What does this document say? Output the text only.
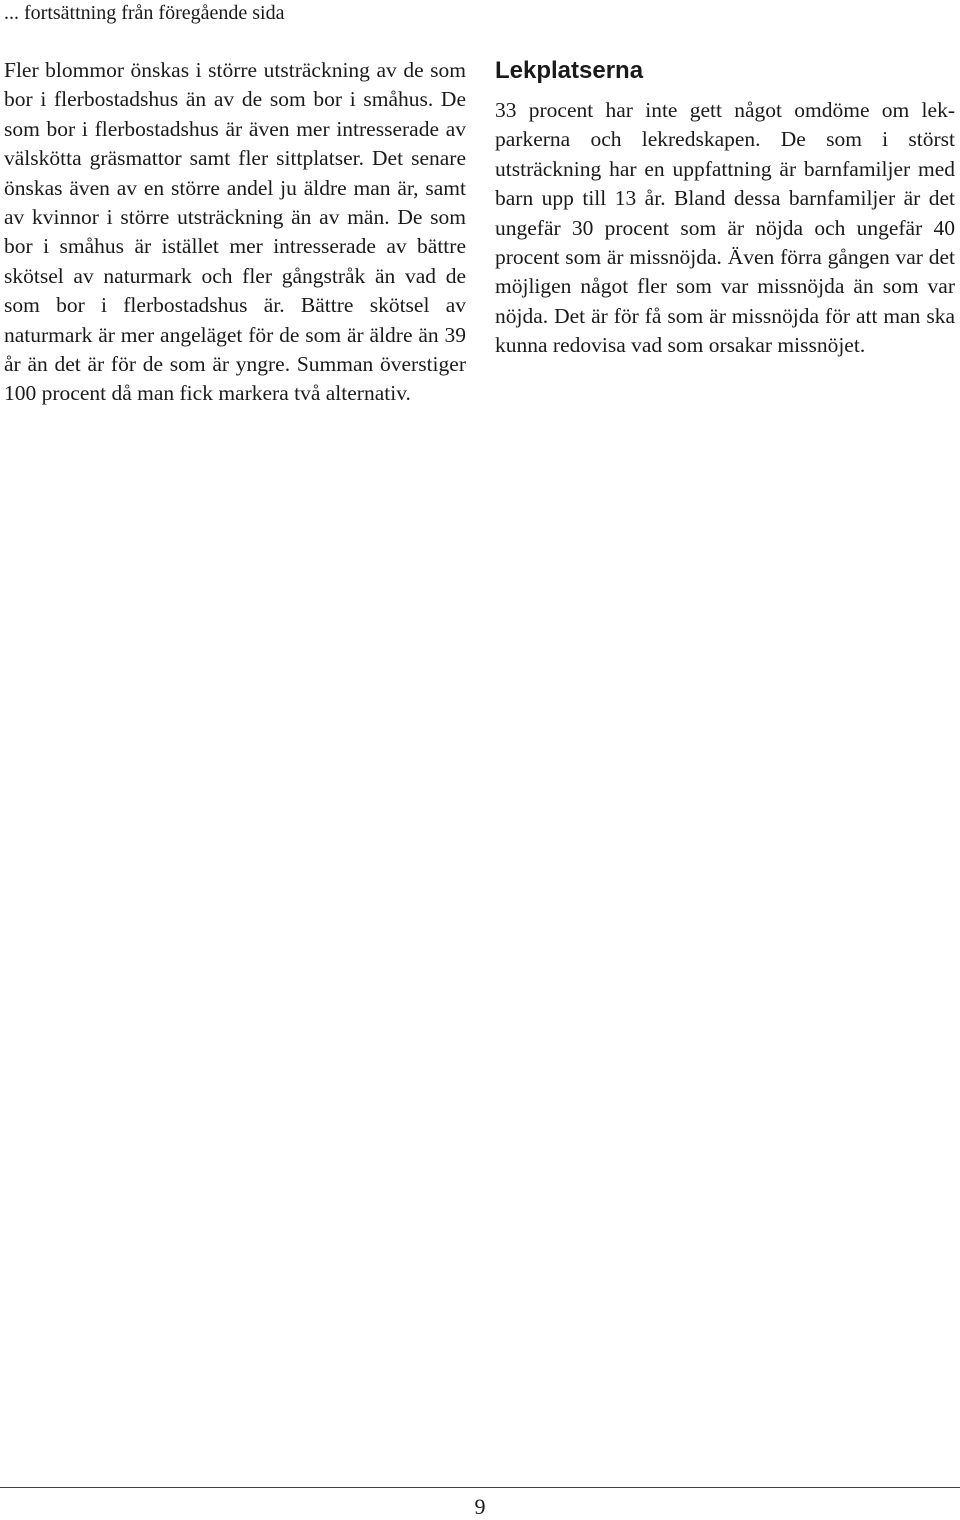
... fortsättning från föregående sida

Fler blommor önskas i större utsträckning av de som bor i flerbostadshus än av de som bor i småhus. De som bor i flerbostadshus är även mer intresserade av välskötta gräsmattor samt fler sittplatser. Det senare önskas även av en större andel ju äldre man är, samt av kvinnor i större utsträckning än av män. De som bor i småhus är istället mer intresserade av bättre skötsel av naturmark och fler gångstråk än vad de som bor i flerbostadshus är. Bättre skötsel av naturmark är mer angeläget för de som är äldre än 39 år än det är för de som är yngre. Summan överstiger 100 procent då man fick markera två alternativ.

Lekplatserna

33 procent har inte gett något omdöme om lekparkerna och lekredskapen. De som i störst utsträckning har en uppfattning är barnfamiljer med barn upp till 13 år. Bland dessa barnfamiljer är det ungefär 30 procent som är nöjda och ungefär 40 procent som är missnöjda. Även förra gången var det möjligen något fler som var missnöjda än som var nöjda. Det är för få som är missnöjda för att man ska kunna redovisa vad som orsakar missnöjet.

9
